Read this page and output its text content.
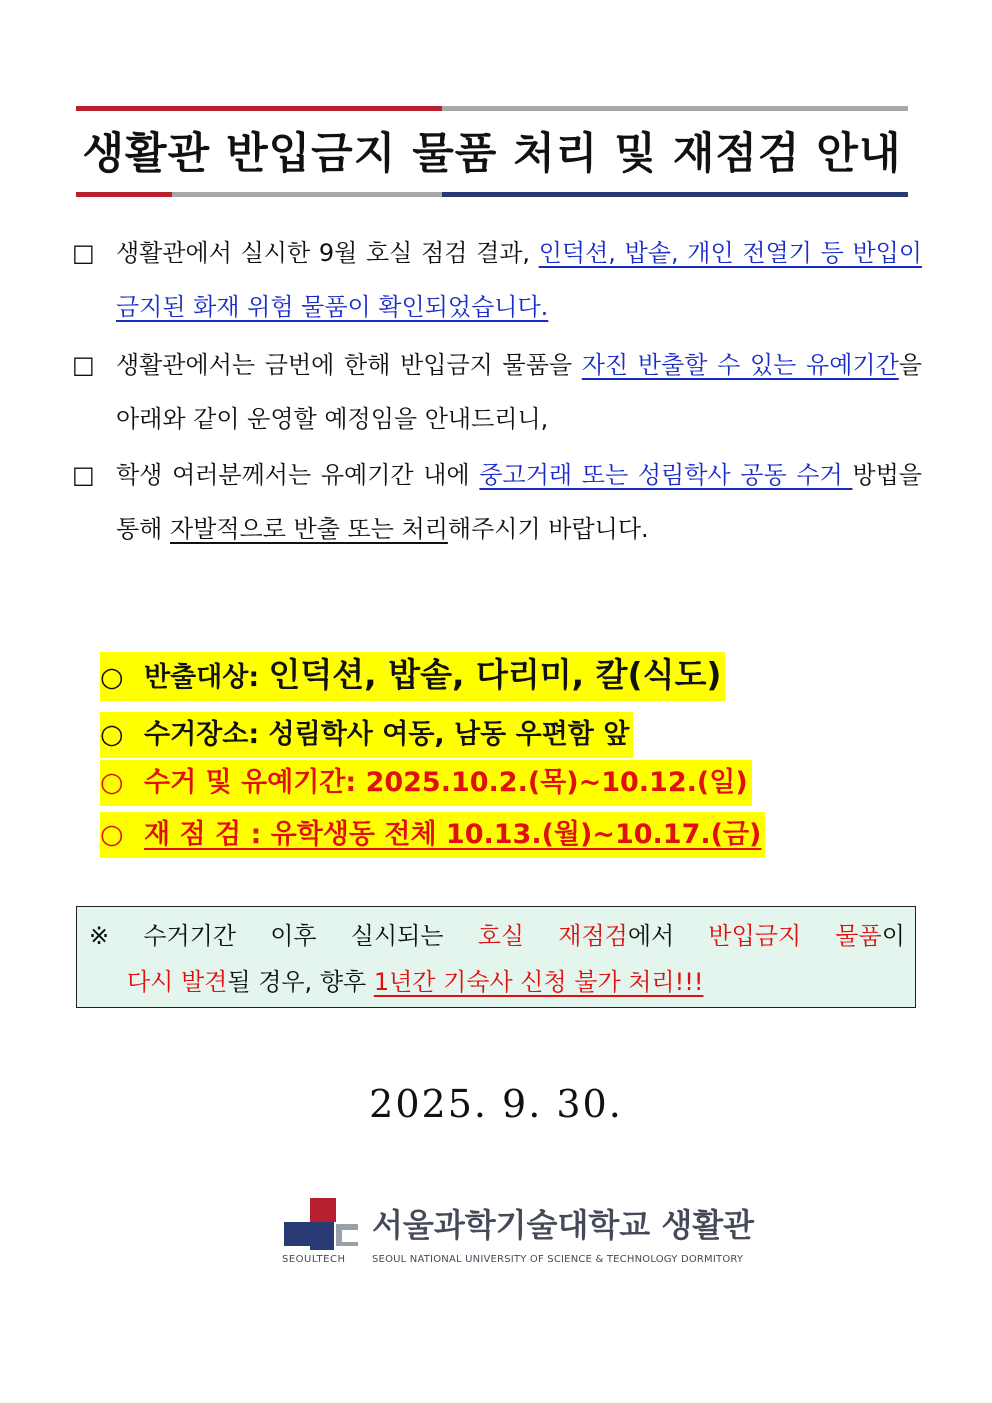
생활관 반입금지 물품 처리 및 재점검 안내
□ 생활관에서 실시한 9월 호실 점검 결과, 인덕션, 밥솥, 개인 전열기 등 반입이 금지된 화재 위험 물품이 확인되었습니다.
□ 생활관에서는 금번에 한해 반입금지 물품을 자진 반출할 수 있는 유예기간을 아래와 같이 운영할 예정임을 안내드리니,
□ 학생 여러분께서는 유예기간 내에 중고거래 또는 성림학사 공동 수거 방법을 통해 자발적으로 반출 또는 처리해주시기 바랍니다.
○ 반출대상: 인덕션, 밥솥, 다리미, 칼(식도)
○ 수거장소: 성림학사 여동, 남동 우편함 앞
○ 수거 및 유예기간: 2025.10.2.(목)~10.12.(일)
○ 재 점 검 : 유학생동 전체 10.13.(월)~10.17.(금)
※ 수거기간 이후 실시되는 호실 재점검에서 반입금지 물품이
다시 발견될 경우, 향후 1년간 기숙사 신청 불가 처리!!!
2025. 9. 30.
서울과학기술대학교 생활관
SEOULTECH	SEOUL NATIONAL UNIVERSITY OF SCIENCE & TECHNOLOGY DORMITORY
